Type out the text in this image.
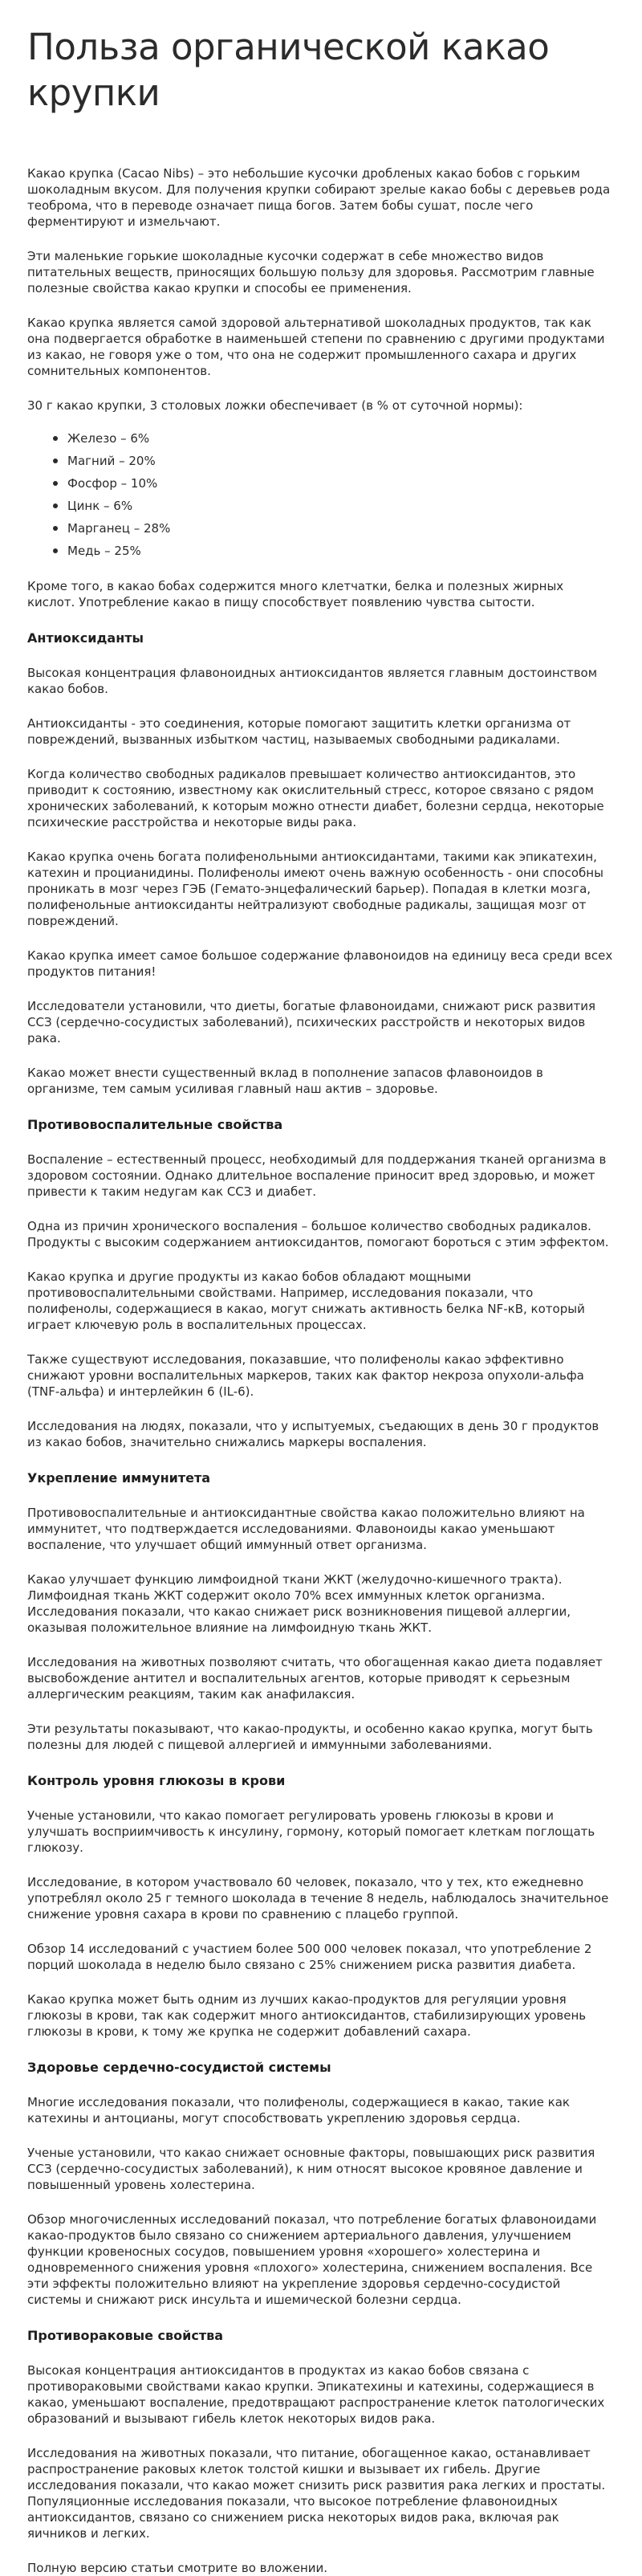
Польза органической какао крупки

Какао крупка (Cacao Nibs) – это небольшие кусочки дробленых какао бобов с горьким шоколадным вкусом. Для получения крупки собирают зрелые какао бобы с деревьев рода теоброма, что в переводе означает пища богов. Затем бобы сушат, после чего ферментируют и измельчают.

Эти маленькие горькие шоколадные кусочки содержат в себе множество видов питательных веществ, приносящих большую пользу для здоровья. Рассмотрим главные полезные свойства какао крупки и способы ее применения.

Какао крупка является самой здоровой альтернативой шоколадных продуктов, так как она подвергается обработке в наименьшей степени по сравнению с другими продуктами из какао, не говоря уже о том, что она не содержит промышленного сахара и других сомнительных компонентов.

30 г какао крупки, 3 столовых ложки обеспечивает (в % от суточной нормы):

Железо – 6%
Магний – 20%
Фосфор – 10%
Цинк – 6%
Марганец – 28%
Медь – 25%

Кроме того, в какао бобах содержится много клетчатки, белка и полезных жирных кислот. Употребление какао в пищу способствует появлению чувства сытости.

Антиоксиданты

Высокая концентрация флавоноидных антиоксидантов является главным достоинством какао бобов.

Антиоксиданты - это соединения, которые помогают защитить клетки организма от повреждений, вызванных избытком частиц, называемых свободными радикалами.

Когда количество свободных радикалов превышает количество антиоксидантов, это приводит к состоянию, известному как окислительный стресс, которое связано с рядом хронических заболеваний, к которым можно отнести диабет, болезни сердца, некоторые психические расстройства и некоторые виды рака.

Какао крупка очень богата полифенольными антиоксидантами, такими как эпикатехин, катехин и процианидины. Полифенолы имеют очень важную особенность - они способны проникать в мозг через ГЭБ (Гемато-энцефалический барьер). Попадая в клетки мозга, полифенольные антиоксиданты нейтрализуют свободные радикалы, защищая мозг от повреждений.

Какао крупка имеет самое большое содержание флавоноидов на единицу веса среди всех продуктов питания!

Исследователи установили, что диеты, богатые флавоноидами, снижают риск развития ССЗ (сердечно-сосудистых заболеваний), психических расстройств и некоторых видов рака.

Какао может внести существенный вклад в пополнение запасов флавоноидов в организме, тем самым усиливая главный наш актив – здоровье.

Противовоспалительные свойства

Воспаление – естественный процесс, необходимый для поддержания тканей организма в здоровом состоянии. Однако длительное воспаление приносит вред здоровью, и может привести к таким недугам как ССЗ и диабет.

Одна из причин хронического воспаления – большое количество свободных радикалов. Продукты с высоким содержанием антиоксидантов, помогают бороться с этим эффектом.

Какао крупка и другие продукты из какао бобов обладают мощными противовоспалительными свойствами. Например, исследования показали, что полифенолы, содержащиеся в какао, могут снижать активность белка NF-кB, который играет ключевую роль в воспалительных процессах.

Также существуют исследования, показавшие, что полифенолы какао эффективно снижают уровни воспалительных маркеров, таких как фактор некроза опухоли-альфа (TNF-альфа) и интерлейкин 6 (IL-6).

Исследования на людях, показали, что у испытуемых, съедающих в день 30 г продуктов из какао бобов, значительно снижались маркеры воспаления.

Укрепление иммунитета

Противовоспалительные и антиоксидантные свойства какао положительно влияют на иммунитет, что подтверждается исследованиями. Флавоноиды какао уменьшают воспаление, что улучшает общий иммунный ответ организма.

Какао улучшает функцию лимфоидной ткани ЖКТ (желудочно-кишечного тракта). Лимфоидная ткань ЖКТ содержит около 70% всех иммунных клеток организма. Исследования показали, что какао снижает риск возникновения пищевой аллергии, оказывая положительное влияние на лимфоидную ткань ЖКТ.

Исследования на животных позволяют считать, что обогащенная какао диета подавляет высвобождение антител и воспалительных агентов, которые приводят к серьезным аллергическим реакциям, таким как анафилаксия.

Эти результаты показывают, что какао-продукты, и особенно какао крупка, могут быть полезны для людей с пищевой аллергией и иммунными заболеваниями.

Контроль уровня глюкозы в крови

Ученые установили, что какао помогает регулировать уровень глюкозы в крови и улучшать восприимчивость к инсулину, гормону, который помогает клеткам поглощать глюкозу.

Исследование, в котором участвовало 60 человек, показало, что у тех, кто ежедневно употреблял около 25 г темного шоколада в течение 8 недель, наблюдалось значительное снижение уровня сахара в крови по сравнению с плацебо группой.

Обзор 14 исследований с участием более 500 000 человек показал, что употребление 2 порций шоколада в неделю было связано с 25% снижением риска развития диабета.

Какао крупка может быть одним из лучших какао-продуктов для регуляции уровня глюкозы в крови, так как содержит много антиоксидантов, стабилизирующих уровень глюкозы в крови, к тому же крупка не содержит добавлений сахара.

Здоровье сердечно-сосудистой системы

Многие исследования показали, что полифенолы, содержащиеся в какао, такие как катехины и антоцианы, могут способствовать укреплению здоровья сердца.

Ученые установили, что какао снижает основные факторы, повышающих риск развития ССЗ (сердечно-сосудистых заболеваний), к ним относят высокое кровяное давление и повышенный уровень холестерина.

Обзор многочисленных исследований показал, что потребление богатых флавоноидами какао-продуктов было связано со снижением артериального давления, улучшением функции кровеносных сосудов, повышением уровня «хорошего» холестерина и одновременного снижения уровня «плохого» холестерина, снижением воспаления. Все эти эффекты положительно влияют на укрепление здоровья сердечно-сосудистой системы и снижают риск инсульта и ишемической болезни сердца.

Противораковые свойства

Высокая концентрация антиоксидантов в продуктах из какао бобов связана с противораковыми свойствами какао крупки. Эпикатехины и катехины, содержащиеся в какао, уменьшают воспаление, предотвращают распространение клеток патологических образований и вызывают гибель клеток некоторых видов рака.

Исследования на животных показали, что питание, обогащенное какао, останавливает распространение раковых клеток толстой кишки и вызывает их гибель. Другие исследования показали, что какао может снизить риск развития рака легких и простаты. Популяционные исследования показали, что высокое потребление флавоноидных антиоксидантов, связано со снижением риска некоторых видов рака, включая рак яичников и легких.

Полную версию статьи смотрите во вложении.
